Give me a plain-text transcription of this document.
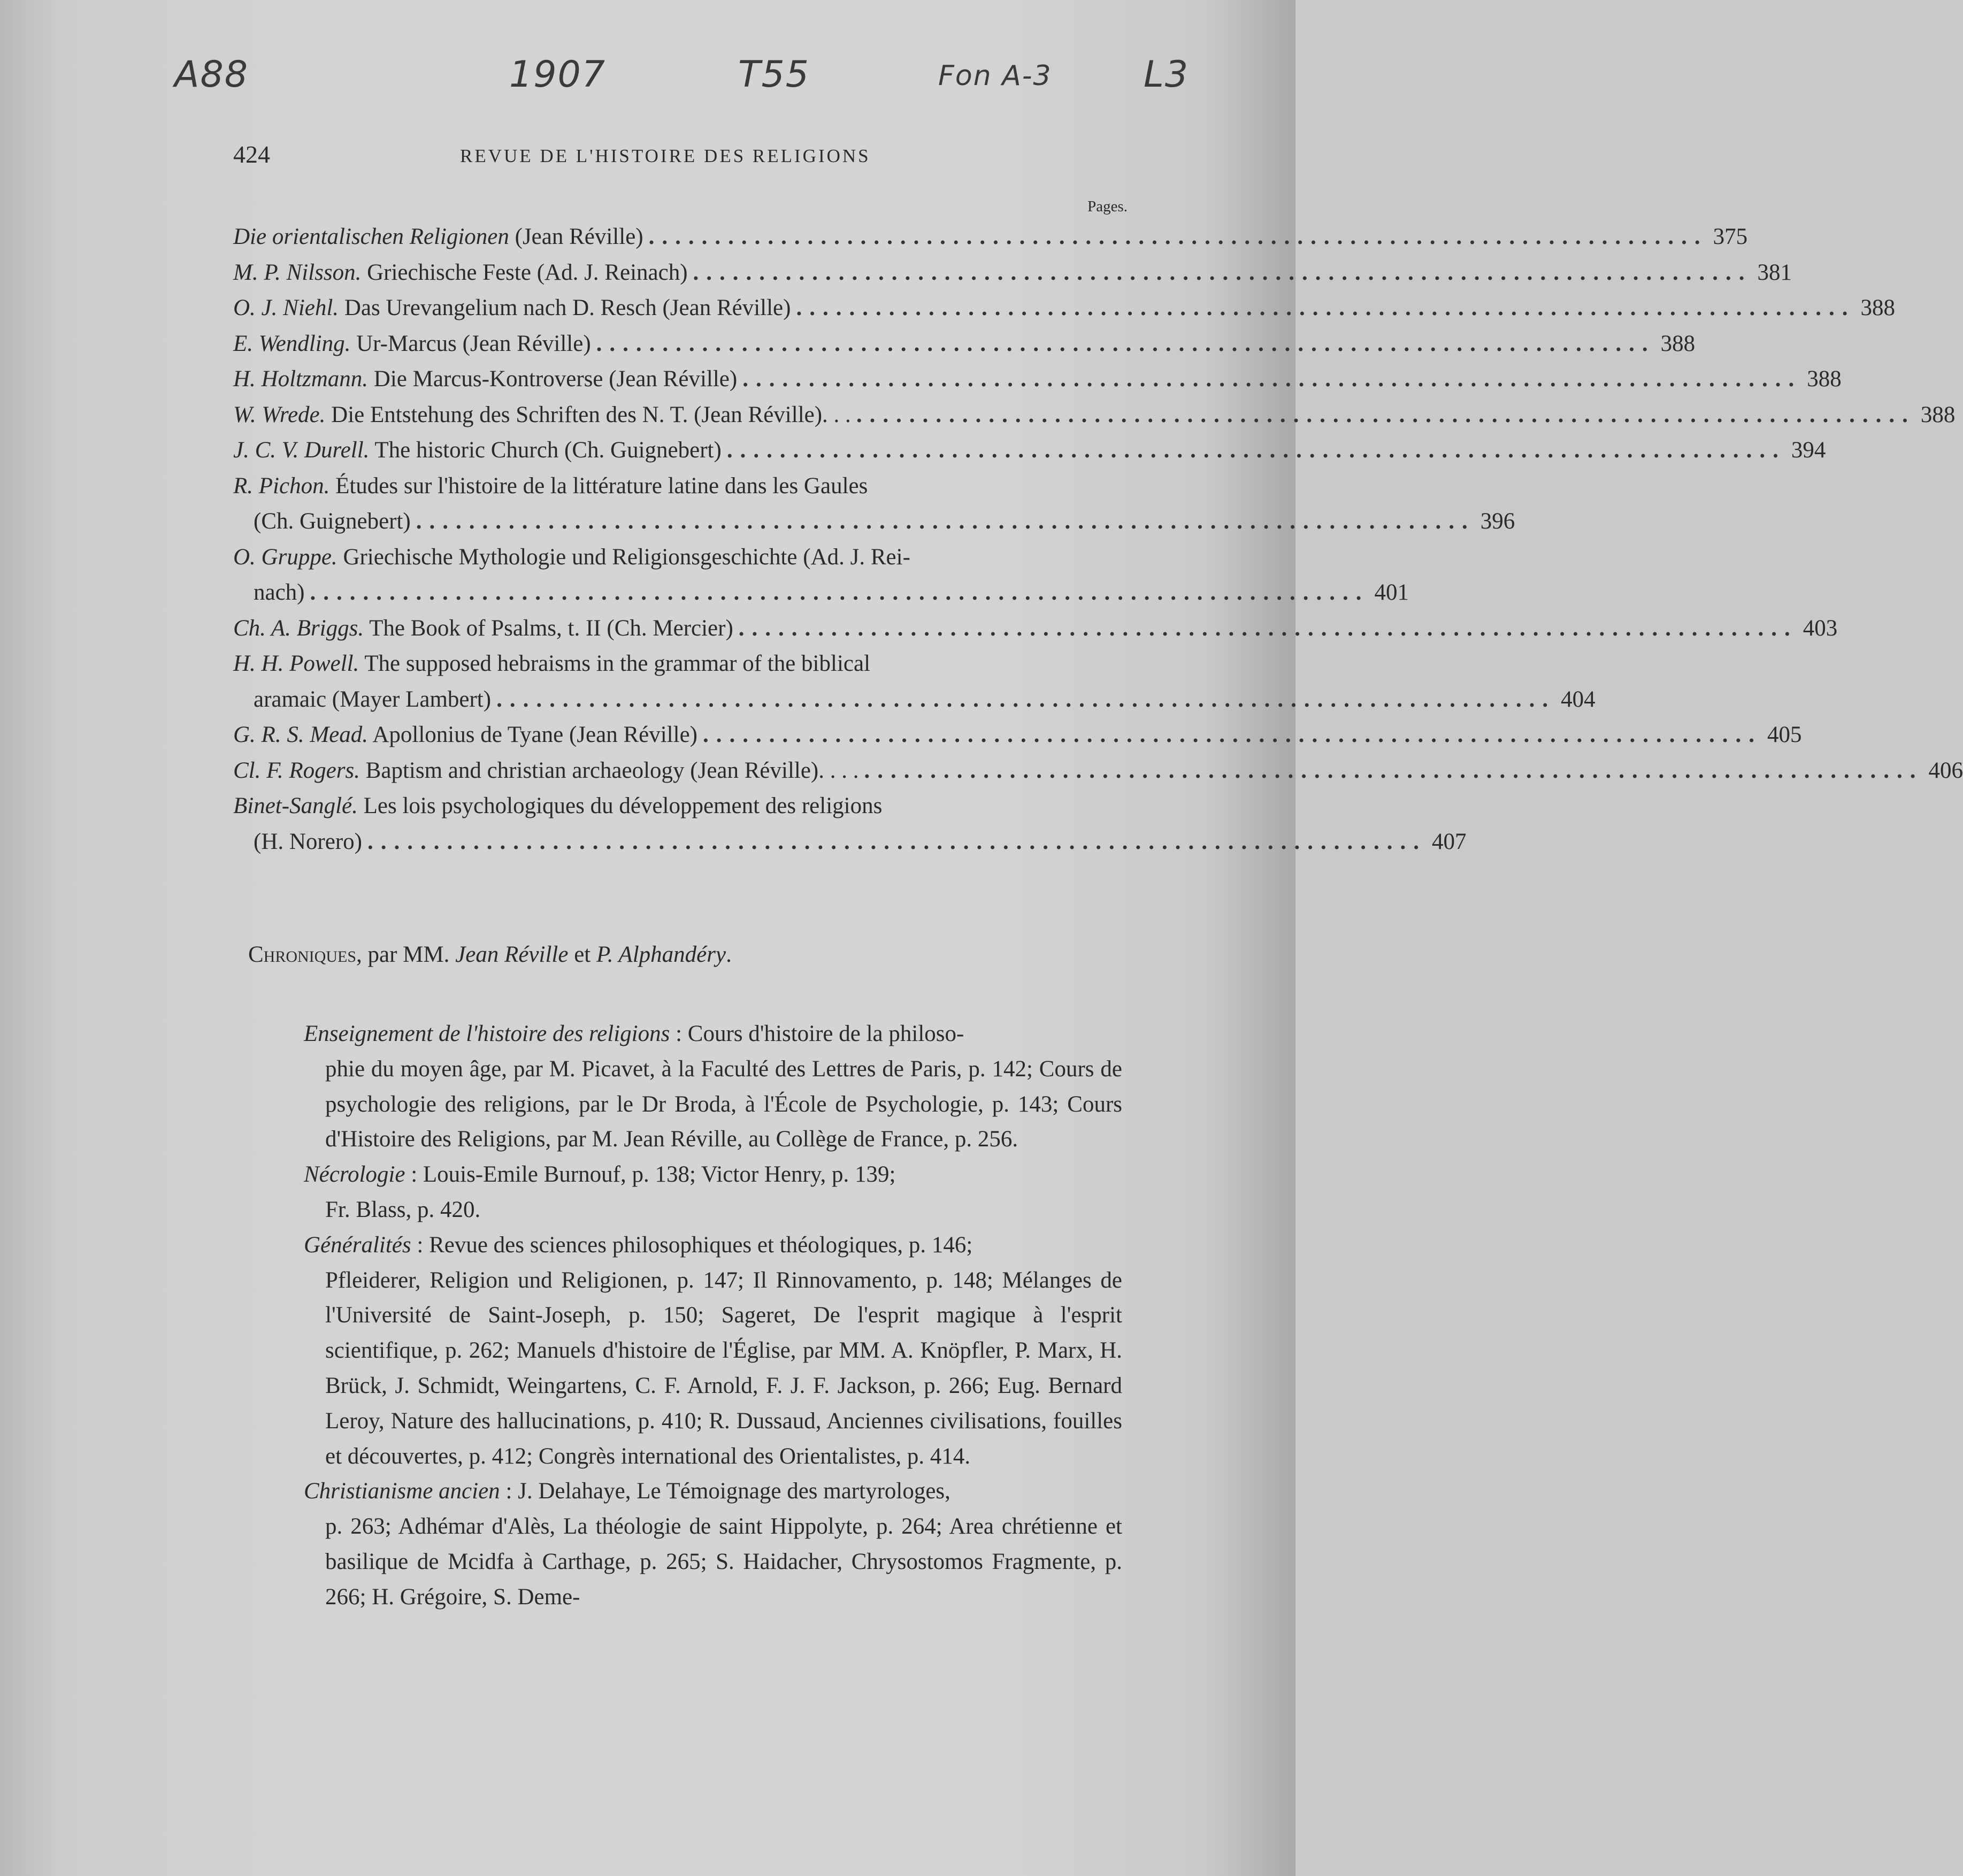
A88	1907	T55	Fon A-3	L3
424	REVUE DE L'HISTOIRE DES RELIGIONS
Pages.
Die orientalischen Religionen (Jean Réville) ................................................................................ 375
M. P. Nilsson. Griechische Feste (Ad. J. Reinach) ................................................................................ 381
O. J. Niehl. Das Urevangelium nach D. Resch (Jean Réville) ................................................................................ 388
E. Wendling. Ur-Marcus (Jean Réville) ................................................................................ 388
H. Holtzmann. Die Marcus-Kontroverse (Jean Réville) ................................................................................ 388
W. Wrede. Die Entstehung des Schriften des N. T. (Jean Réville). . . ................................................................................ 388
J. C. V. Durell. The historic Church (Ch. Guignebert) ................................................................................ 394
R. Pichon. Études sur l'histoire de la littérature latine dans les Gaules
(Ch. Guignebert) ................................................................................ 396
O. Gruppe. Griechische Mythologie und Religionsgeschichte (Ad. J. Rei-
nach) ................................................................................ 401
Ch. A. Briggs. The Book of Psalms, t. II (Ch. Mercier) ................................................................................ 403
H. H. Powell. The supposed hebraisms in the grammar of the biblical
aramaic (Mayer Lambert) ................................................................................ 404
G. R. S. Mead. Apollonius de Tyane (Jean Réville) ................................................................................ 405
Cl. F. Rogers. Baptism and christian archaeology (Jean Réville). . . . ................................................................................ 406
Binet-Sanglé. Les lois psychologiques du développement des religions
(H. Norero) ................................................................................ 407
Chroniques, par MM. Jean Réville et P. Alphandéry.
Enseignement de l'histoire des religions : Cours d'histoire de la philoso-
phie du moyen âge, par M. Picavet, à la Faculté des Lettres de Paris, p. 142; Cours de psychologie des religions, par le Dr Broda, à l'École de Psychologie, p. 143; Cours d'Histoire des Religions, par M. Jean Réville, au Collège de France, p. 256.
Nécrologie : Louis-Emile Burnouf, p. 138; Victor Henry, p. 139;
Fr. Blass, p. 420.
Généralités : Revue des sciences philosophiques et théologiques, p. 146;
Pfleiderer, Religion und Religionen, p. 147; Il Rinnovamento, p. 148; Mélanges de l'Université de Saint-Joseph, p. 150; Sageret, De l'esprit magique à l'esprit scientifique, p. 262; Manuels d'histoire de l'Église, par MM. A. Knöpfler, P. Marx, H. Brück, J. Schmidt, Weingartens, C. F. Arnold, F. J. F. Jackson, p. 266; Eug. Bernard Leroy, Nature des hallucinations, p. 410; R. Dussaud, Anciennes civilisations, fouilles et découvertes, p. 412; Congrès international des Orientalistes, p. 414.
Christianisme ancien : J. Delahaye, Le Témoignage des martyrologes,
p. 263; Adhémar d'Alès, La théologie de saint Hippolyte, p. 264; Area chrétienne et basilique de Mcidfa à Carthage, p. 265; S. Haidacher, Chrysostomos Fragmente, p. 266; H. Grégoire, S. Deme-
